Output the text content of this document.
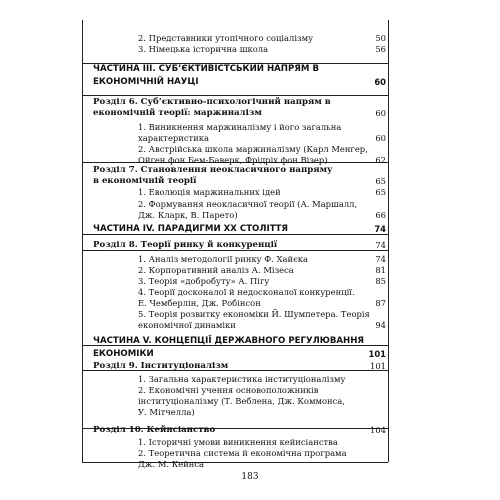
2. Представники утопічного соціалізму	50
3. Німецька історична школа	56
ЧАСТИНА III. СУБ’ЄКТИВІСТСЬКИЙ НАПРЯМ В
ЕКОНОМІЧНІЙ НАУЦІ	60
Розділ 6. Суб’єктивно-психологічний напрям в
економічній теорії: маржиналізм	60
1. Виникнення маржиналізму і його загальна
характеристика	60
2. Австрійська школа маржиналізму (Карл Менгер,
Ойген фон Бем-Баверк, Фрідріх фон Візер)	62
Розділ 7. Становлення неокласичного напряму
в економічній теорії	65
1. Еволюція маржинальних ідей	65
2. Формування неокласичної теорії (А. Маршалл,
Дж. Кларк, В. Парето)	66
ЧАСТИНА IV. ПАРАДИГМИ XX СТОЛІТТЯ	74
Розділ 8. Теорії ринку й конкуренції	74
1. Аналіз методології ринку Ф. Хайєка	74
2. Корпоративний аналіз А. Мізеса	81
3. Теорія «добробуту» А. Пігу	85
4. Теорії досконалої й недосконалої конкуренції.
Е. Чемберлін, Дж. Робінсон	87
5. Теорія розвитку економіки Й. Шумпетера. Теорія
економічної динаміки	94
ЧАСТИНА V. КОНЦЕПЦІЇ ДЕРЖАВНОГО РЕГУЛЮВАННЯ
ЕКОНОМІКИ	101
Розділ 9. Інституціоналізм	101
1. Загальна характеристика інституціоналізму
2. Економічні учення основоположників
інституціоналізму (Т. Веблена, Дж. Коммонса,
У. Мітчелла)
Розділ 10. Кейнсіанство	104
1. Історичні умови виникнення кейнсіанства
2. Теоретична система й економічна програма
Дж. М. Кейнса
183
